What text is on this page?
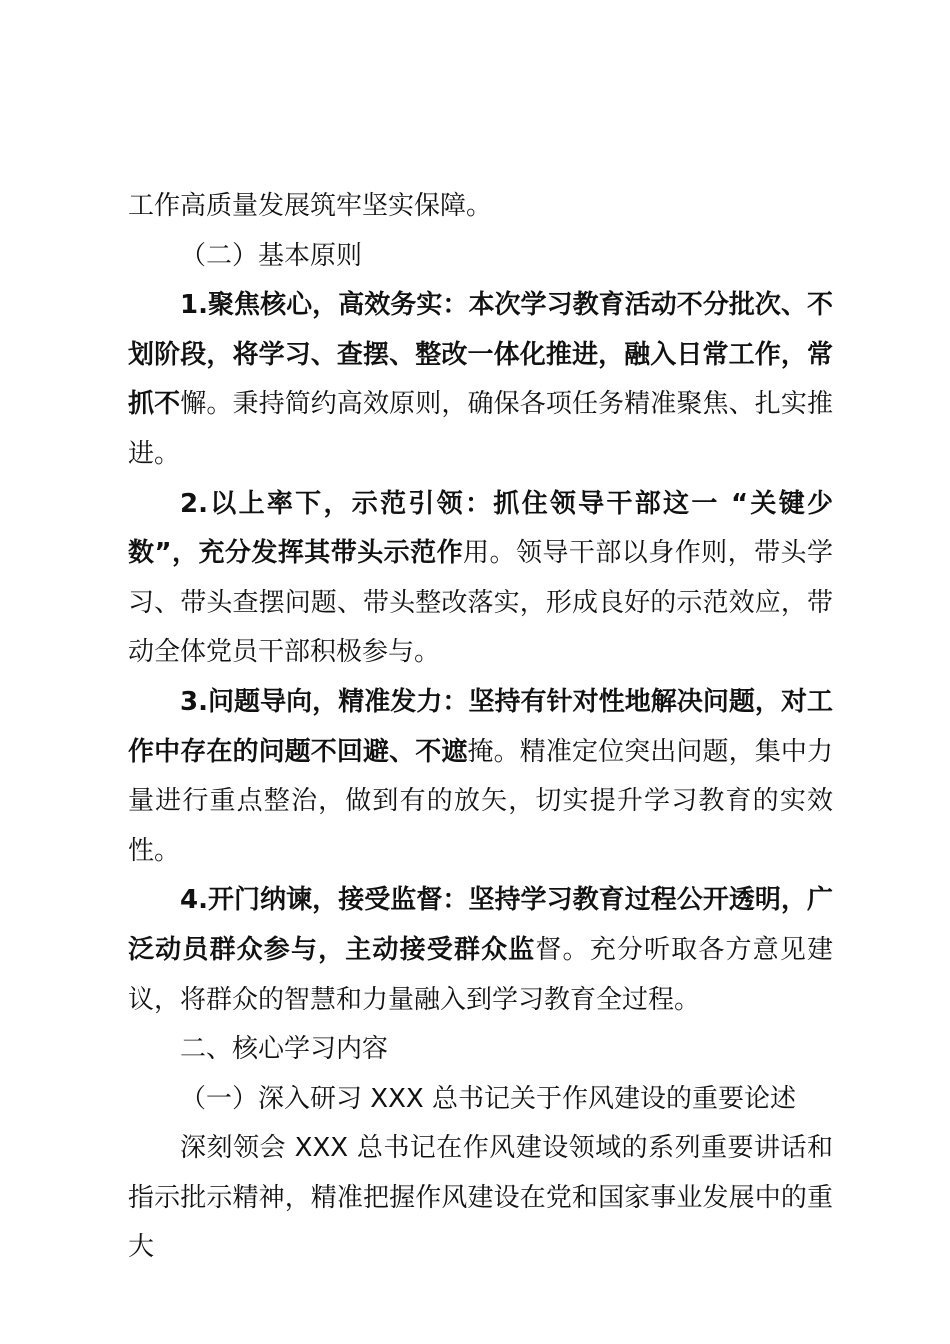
工作高质量发展筑牢坚实保障。

（二）基本原则

1.聚焦核心，高效务实：本次学习教育活动不分批次、不划阶段，将学习、查摆、整改一体化推进，融入日常工作，常抓不懈。秉持简约高效原则，确保各项任务精准聚焦、扎实推进。

2.以上率下，示范引领：抓住领导干部这一 “关键少数”，充分发挥其带头示范作用。领导干部以身作则，带头学习、带头查摆问题、带头整改落实，形成良好的示范效应，带动全体党员干部积极参与。

3.问题导向，精准发力：坚持有针对性地解决问题，对工作中存在的问题不回避、不遮掩。精准定位突出问题，集中力量进行重点整治，做到有的放矢，切实提升学习教育的实效性。

4.开门纳谏，接受监督：坚持学习教育过程公开透明，广泛动员群众参与，主动接受群众监督。充分听取各方意见建议，将群众的智慧和力量融入到学习教育全过程。

二、核心学习内容

（一）深入研习 XXX 总书记关于作风建设的重要论述

深刻领会 XXX 总书记在作风建设领域的系列重要讲话和指示批示精神，精准把握作风建设在党和国家事业发展中的重大
